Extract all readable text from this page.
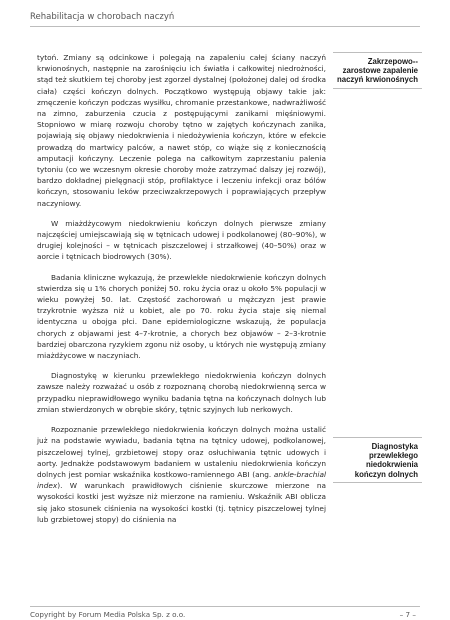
Rehabilitacja w chorobach naczyń

tytoń. Zmiany są odcinkowe i polegają na zapaleniu całej ściany naczyń krwionośnych, następnie na zarośnięciu ich światła i całkowitej niedrożności, stąd też skutkiem tej choroby jest zgorzel dystalnej (położonej dalej od środka ciała) części kończyn dolnych. Początkowo występują objawy takie jak: zmęczenie kończyn podczas wysiłku, chromanie przestankowe, nadwrażliwość na zimno, zaburzenia czucia z postępującymi zanikami mięśniowymi. Stopniowo w miarę rozwoju choroby tętno w zajętych kończynach zanika, pojawiają się objawy niedokrwienia i niedożywienia kończyn, które w efekcie prowadzą do martwicy palców, a nawet stóp, co wiąże się z koniecznością amputacji kończyny. Leczenie polega na całkowitym zaprzestaniu palenia tytoniu (co we wczesnym okresie choroby może zatrzymać dalszy jej rozwój), bardzo dokładnej pielęgnacji stóp, profilaktyce i leczeniu infekcji oraz bólów kończyn, stosowaniu leków przeciwzakrzepowych i poprawiających przepływ naczyniowy.

W miażdżycowym niedokrwieniu kończyn dolnych pierwsze zmiany najczęściej umiejscawiają się w tętnicach udowej i podkolanowej (80–90%), w drugiej kolejności – w tętnicach piszczelowej i strzałkowej (40–50%) oraz w aorcie i tętnicach biodrowych (30%).

Badania kliniczne wykazują, że przewlekłe niedokrwienie kończyn dolnych stwierdza się u 1% chorych poniżej 50. roku życia oraz u około 5% populacji w wieku powyżej 50. lat. Częstość zachorowań u mężczyzn jest prawie trzykrotnie wyższa niż u kobiet, ale po 70. roku życia staje się niemal identyczna u obojga płci. Dane epidemiologiczne wskazują, że populacja chorych z objawami jest 4–7-krotnie, a chorych bez objawów – 2–3-krotnie bardziej obarczona ryzykiem zgonu niż osoby, u których nie występują zmiany miażdżycowe w naczyniach.

Diagnostykę w kierunku przewlekłego niedokrwienia kończyn dolnych zawsze należy rozważać u osób z rozpoznaną chorobą niedokrwienną serca w przypadku nieprawidłowego wyniku badania tętna na kończynach dolnych lub zmian stwierdzonych w obrębie skóry, tętnic szyjnych lub nerkowych.

Rozpoznanie przewlekłego niedokrwienia kończyn dolnych można ustalić już na podstawie wywiadu, badania tętna na tętnicy udowej, podkolanowej, piszczelowej tylnej, grzbietowej stopy oraz osłuchiwania tętnic udowych i aorty. Jednakże podstawowym badaniem w ustaleniu niedokrwienia kończyn dolnych jest pomiar wskaźnika kostkowo-ramiennego ABI (ang. ankle-brachial index). W warunkach prawidłowych ciśnienie skurczowe mierzone na wysokości kostki jest wyższe niż mierzone na ramieniu. Wskaźnik ABI oblicza się jako stosunek ciśnienia na wysokości kostki (tj. tętnicy piszczelowej tylnej lub grzbietowej stopy) do ciśnienia na

Zakrzepowo--zarostowe zapalenie naczyń krwionośnych
Diagnostyka przewlekłego niedokrwienia kończyn dolnych
Copyright by Forum Media Polska Sp. z o.o.	– 7 –
